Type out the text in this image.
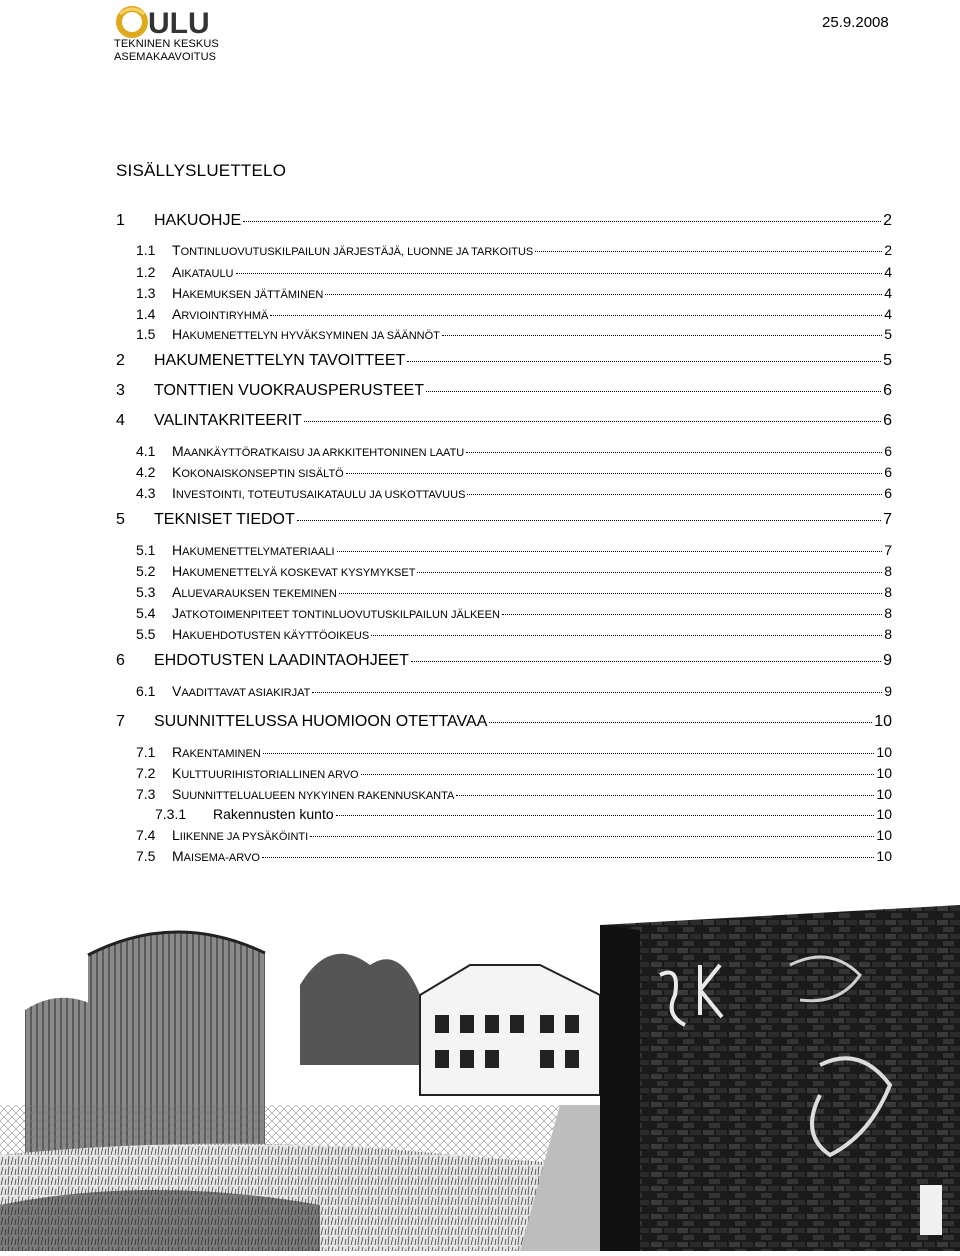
ULU
TEKNINEN KESKUS
ASEMAKAAVOITUS
25.9.2008
SISÄLLYSLUETTELO
1	HAKUOHJE	2
1.1	TONTINLUOVUTUSKILPAILUN JÄRJESTÄJÄ, LUONNE JA TARKOITUS	2
1.2	AIKATAULU	4
1.3	HAKEMUKSEN JÄTTÄMINEN	4
1.4	ARVIOINTIRYHMÄ	4
1.5	HAKUMENETTELYN HYVÄKSYMINEN JA SÄÄNNÖT	5
2	HAKUMENETTELYN TAVOITTEET	5
3	TONTTIEN VUOKRAUSPERUSTEET	6
4	VALINTAKRITEERIT	6
4.1	MAANKÄYTTÖRATKAISU JA ARKKITEHTONINEN LAATU	6
4.2	KOKONAISKONSEPTIN SISÄLTÖ	6
4.3	INVESTOINTI, TOTEUTUSAIKATAULU JA USKOTTAVUUS	6
5	TEKNISET TIEDOT	7
5.1	HAKUMENETTELYMATERIAALI	7
5.2	HAKUMENETTELYÄ KOSKEVAT KYSYMYKSET	8
5.3	ALUEVARAUKSEN TEKEMINEN	8
5.4	JATKOTOIMENPITEET TONTINLUOVUTUSKILPAILUN JÄLKEEN	8
5.5	HAKUEHDOTUSTEN KÄYTTÖOIKEUS	8
6	EHDOTUSTEN LAADINTAOHJEET	9
6.1	VAADITTAVAT ASIAKIRJAT	9
7	SUUNNITTELUSSA HUOMIOON OTETTAVAA	10
7.1	RAKENTAMINEN	10
7.2	KULTTUURIHISTORIALLINEN ARVO	10
7.3	SUUNNITTELUALUEEN NYKYINEN RAKENNUSKANTA	10
7.3.1	Rakennusten kunto	10
7.4	LIIKENNE JA PYSÄKÖINTI	10
7.5	MAISEMA-ARVO	10
